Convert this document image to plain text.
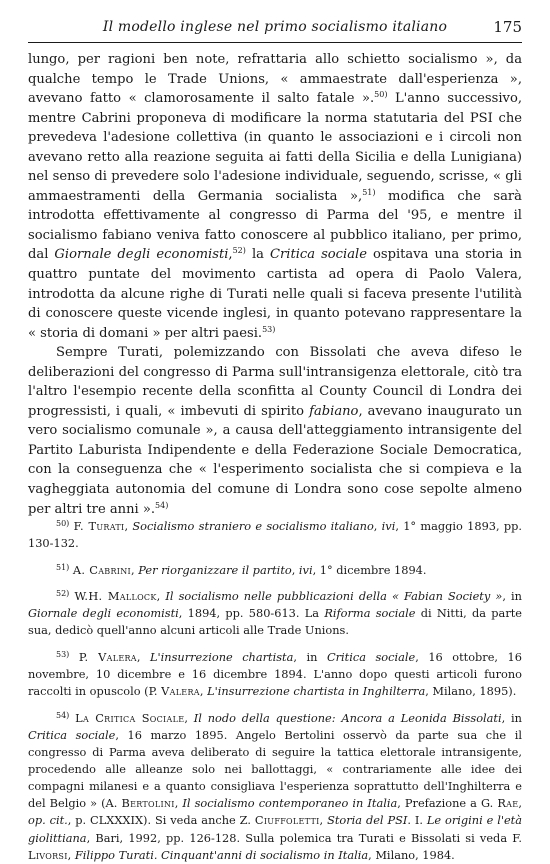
Il modello inglese nel primo socialismo italiano	175

lungo, per ragioni ben note, refrattaria allo schietto socialismo », da qualche tempo le Trade Unions, « ammaestrate dall'esperienza », avevano fatto « clamorosamente il salto fatale ».$^{50)}$ L'anno successivo, mentre Cabrini proponeva di modificare la norma statutaria del PSI che prevedeva l'adesione collettiva (in quanto le associazioni e i circoli non avevano retto alla reazione seguita ai fatti della Sicilia e della Lunigiana) nel senso di prevedere solo l'adesione individuale, seguendo, scrisse, « gli ammaestramenti della Germania socialista »,$^{51)}$ modifica che sarà introdotta effettivamente al congresso di Parma del '95, e mentre il socialismo fabiano veniva fatto conoscere al pubblico italiano, per primo, dal Giornale degli economisti,$^{52)}$ la Critica sociale ospitava una storia in quattro puntate del movimento cartista ad opera di Paolo Valera, introdotta da alcune righe di Turati nelle quali si faceva presente l'utilità di conoscere queste vicende inglesi, in quanto potevano rappresentare la « storia di domani » per altri paesi.$^{53)}$

Sempre Turati, polemizzando con Bissolati che aveva difeso le deliberazioni del congresso di Parma sull'intransigenza elettorale, citò tra l'altro l'esempio recente della sconfitta al County Council di Londra dei progressisti, i quali, « imbevuti di spirito fabiano, avevano inaugurato un vero socialismo comunale », a causa dell'atteggiamento intransigente del Partito Laburista Indipendente e della Federazione Sociale Democratica, con la conseguenza che « l'esperimento socialista che si compieva e la vagheggiata autonomia del comune di Londra sono cose sepolte almeno per altri tre anni ».$^{54)}$

$^{50)}$ F. Turati, Socialismo straniero e socialismo italiano, ivi, 1° maggio 1893, pp. 130-132.

$^{51)}$ A. Cabrini, Per riorganizzare il partito, ivi, 1° dicembre 1894.

$^{52)}$ W.H. Mallock, Il socialismo nelle pubblicazioni della « Fabian Society », in Giornale degli economisti, 1894, pp. 580-613. La Riforma sociale di Nitti, da parte sua, dedicò quell'anno alcuni articoli alle Trade Unions.

$^{53)}$ P. Valera, L'insurrezione chartista, in Critica sociale, 16 ottobre, 16 novembre, 10 dicembre e 16 dicembre 1894. L'anno dopo questi articoli furono raccolti in opuscolo (P. Valera, L'insurrezione chartista in Inghilterra, Milano, 1895).

$^{54)}$ La Critica Sociale, Il nodo della questione: Ancora a Leonida Bissolati, in Critica sociale, 16 marzo 1895. Angelo Bertolini osservò da parte sua che il congresso di Parma aveva deliberato di seguire la tattica elettorale intransigente, procedendo alle alleanze solo nei ballottaggi, « contrariamente alle idee dei compagni milanesi e a quanto consigliava l'esperienza soprattutto dell'Inghilterra e del Belgio » (A. Bertolini, Il socialismo contemporaneo in Italia, Prefazione a G. Rae, op. cit., p. CLXXXIX). Si veda anche Z. Ciuffoletti, Storia del PSI. I. Le origini e l'età giolittiana, Bari, 1992, pp. 126-128. Sulla polemica tra Turati e Bissolati si veda F. Livorsi, Filippo Turati. Cinquant'anni di socialismo in Italia, Milano, 1984.
